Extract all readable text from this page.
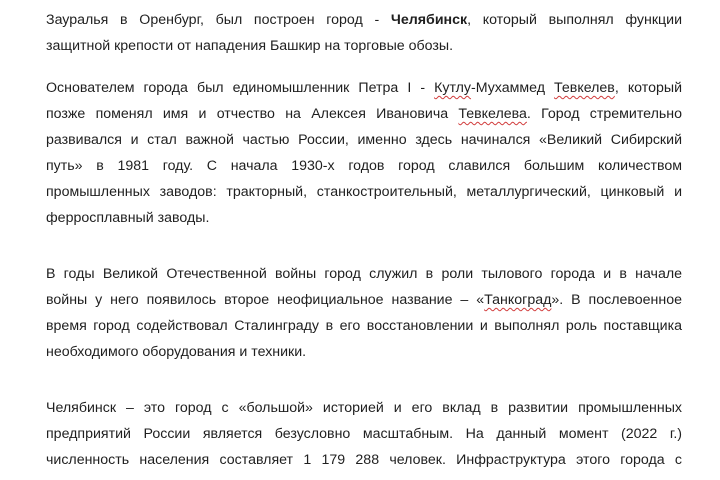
Зауралья в Оренбург, был построен город - Челябинск, который выполнял функции
защитной крепости от нападения Башкир на торговые обозы.

Основателем города был единомышленник Петра I - Кутлу-Мухаммед Тевкелев, который
позже поменял имя и отчество на Алексея Ивановича Тевкелева. Город стремительно
развивался и стал важной частью России, именно здесь начинался «Великий Сибирский
путь» в 1981 году. С начала 1930-х годов город славился большим количеством
промышленных заводов: тракторный, станкостроительный, металлургический, цинковый и
ферросплавный заводы.

В годы Великой Отечественной войны город служил в роли тылового города и в начале
войны у него появилось второе неофициальное название – «Танкоград». В послевоенное
время город содействовал Сталинграду в его восстановлении и выполнял роль поставщика
необходимого оборудования и техники.

Челябинск – это город с «большой» историей и его вклад в развитии промышленных
предприятий России является безусловно масштабным. На данный момент (2022 г.)
численность населения составляет 1 179 288 человек. Инфраструктура этого города с
